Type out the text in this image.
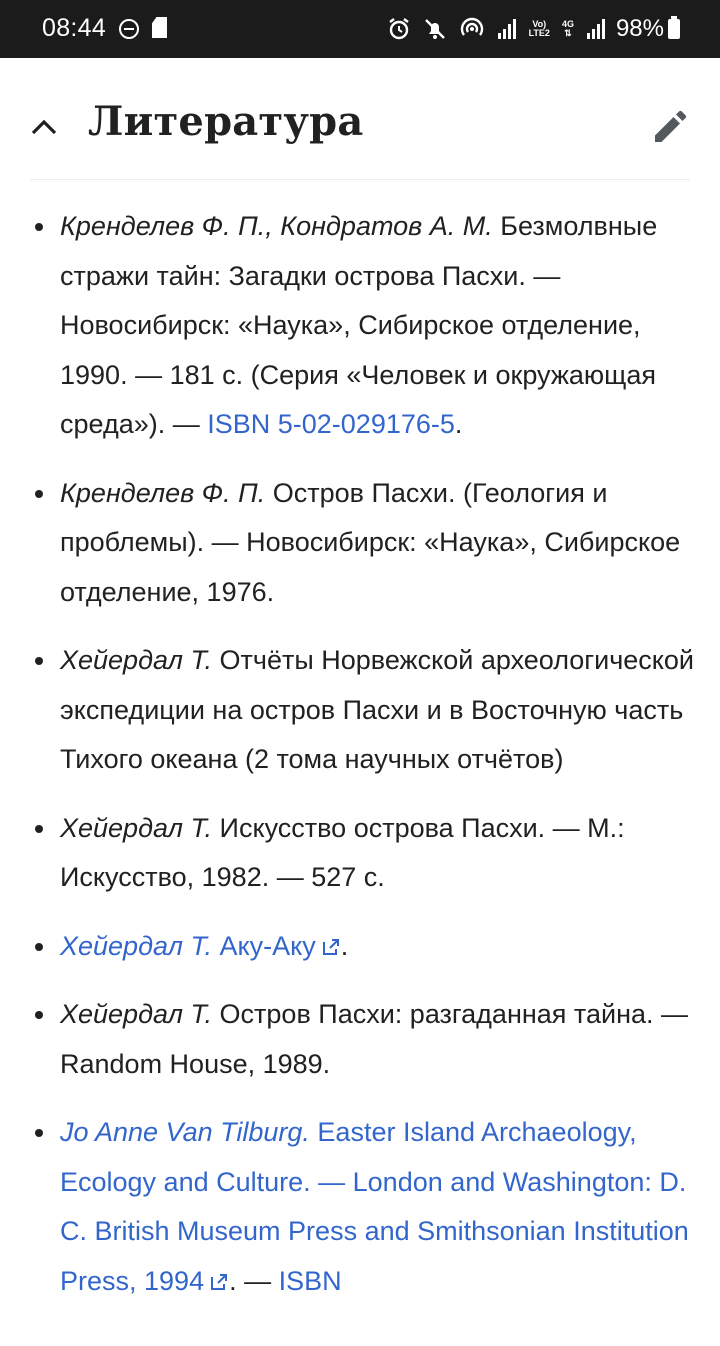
08:44	Vo)
LTE2
4G
⇅ 98%
Литература
Кренделев Ф. П., Кондратов А. М. Безмолвные стражи тайн: Загадки острова Пасхи. — Новосибирск: «Наука», Сибирское отделение, 1990. — 181 с. (Серия «Человек и окружающая среда»). — ISBN 5-02-029176-5.
Кренделев Ф. П. Остров Пасхи. (Геология и проблемы). — Новосибирск: «Наука», Сибирское отделение, 1976.
Хейердал Т. Отчёты Норвежской археологической экспедиции на остров Пасхи и в Восточную часть Тихого океана (2 тома научных отчётов)
Хейердал Т. Искусство острова Пасхи. — М.: Искусство, 1982. — 527 с.
Хейердал Т. Аку-Аку .
Хейердал Т. Остров Пасхи: разгаданная тайна. — Random House, 1989.
Jo Anne Van Tilburg. Easter Island Archaeology, Ecology and Culture. — London and Washington: D. C. British Museum Press and Smithsonian Institution Press, 1994 . — ISBN
